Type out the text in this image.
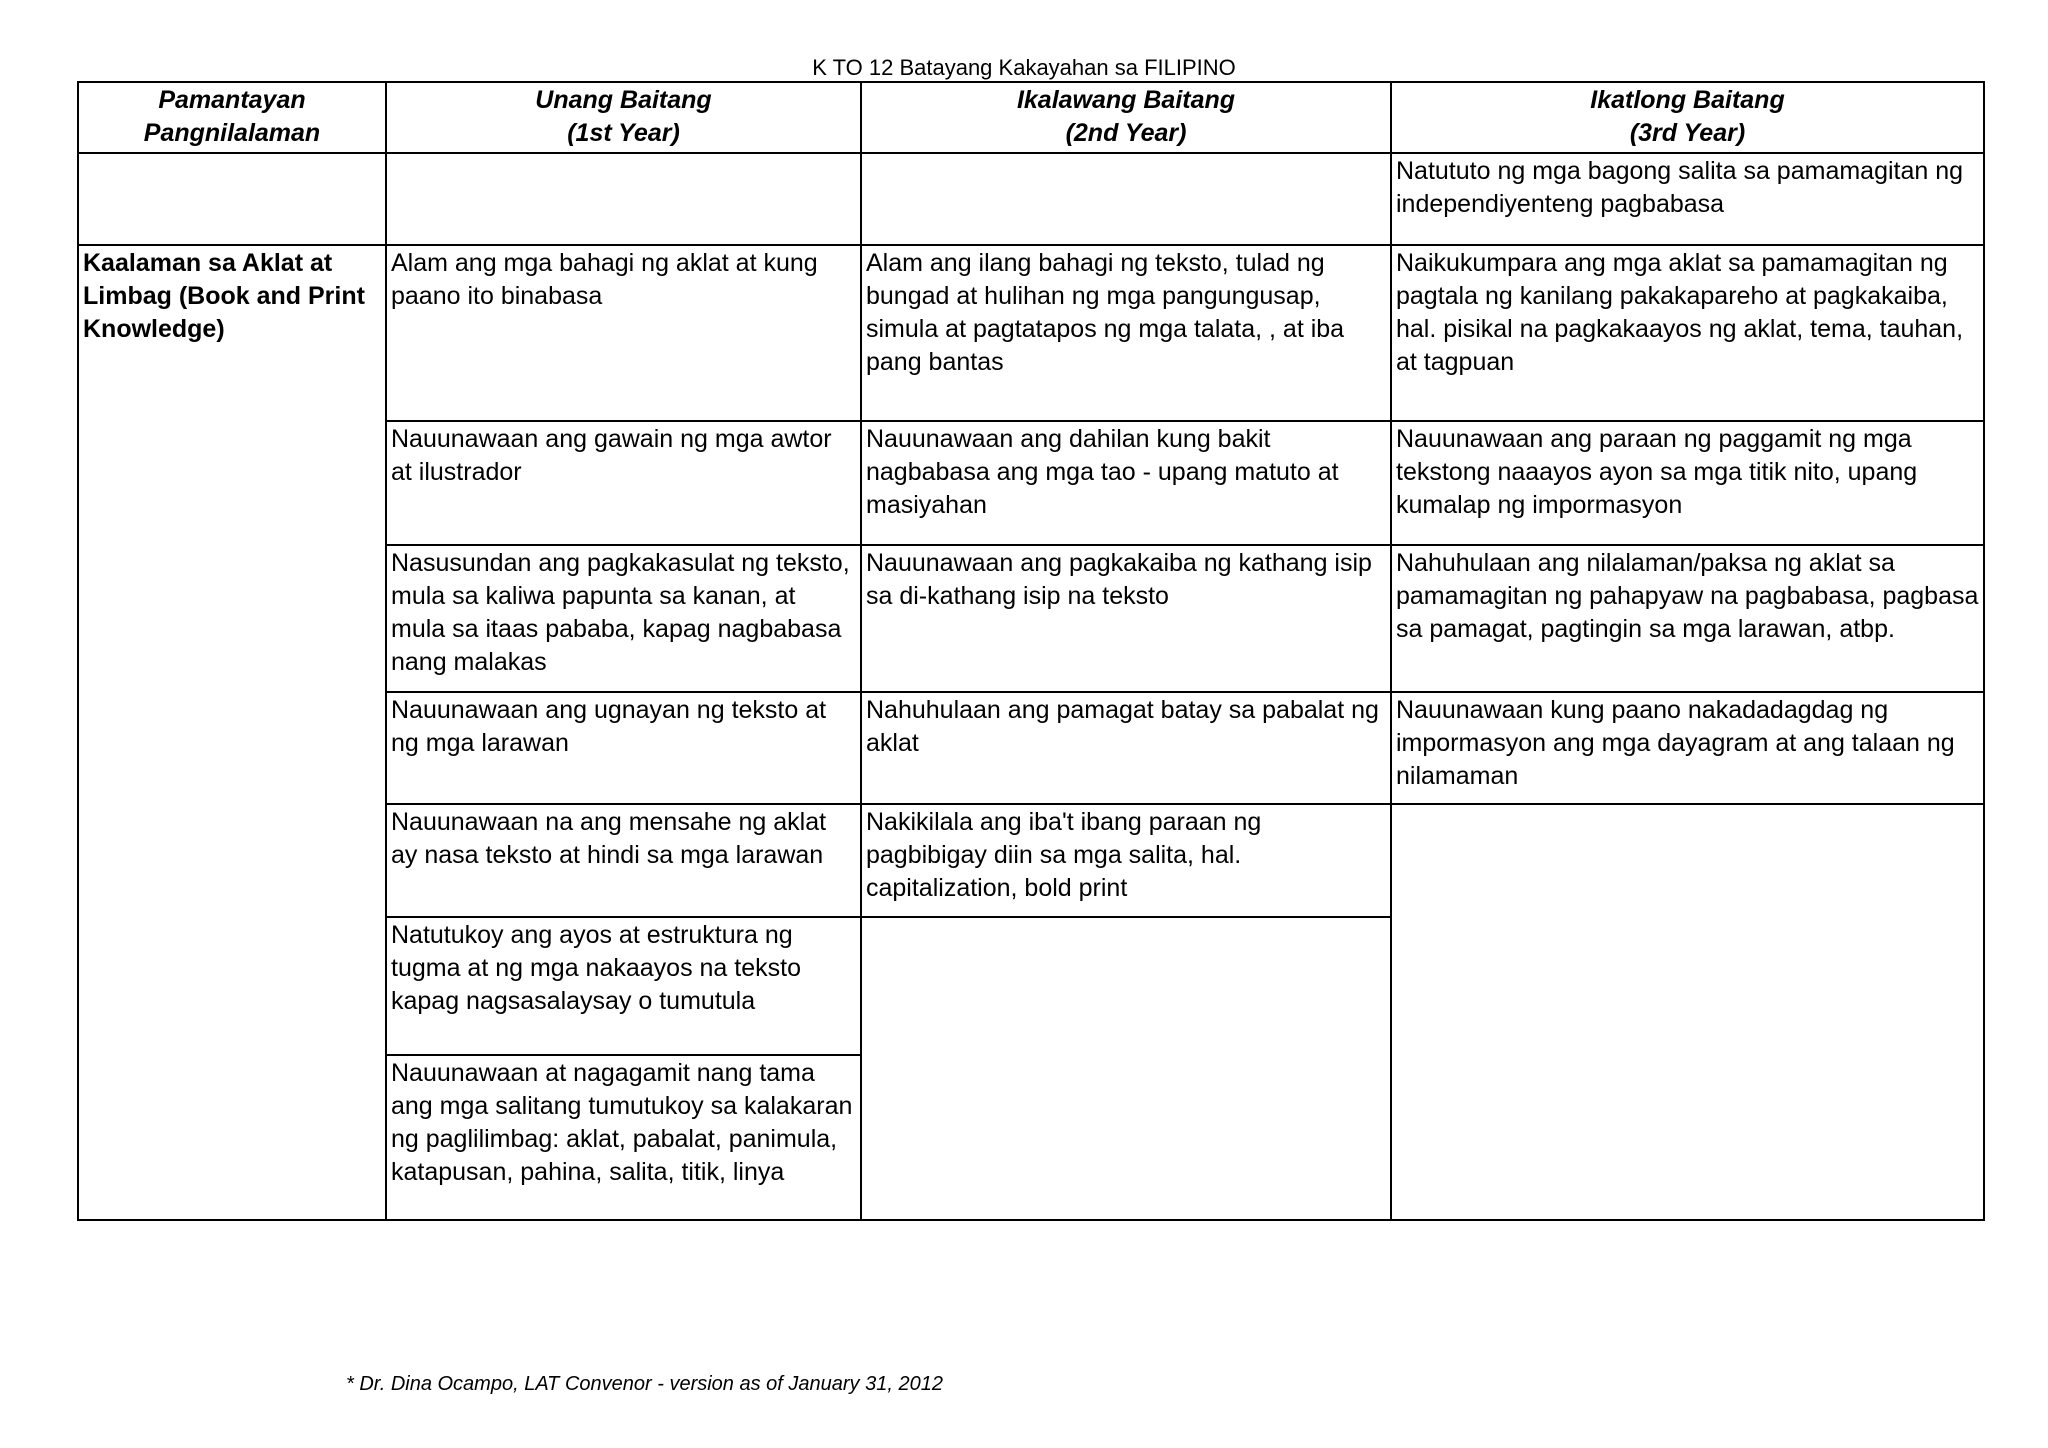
K TO 12 Batayang Kakayahan sa FILIPINO
Pamantayan
Pangnilalaman
Unang Baitang
(1st Year)
Ikalawang Baitang
(2nd Year)
Ikatlong Baitang
(3rd Year)
Kaalaman sa Aklat at Limbag (Book and Print Knowledge)
Alam ang mga bahagi ng aklat at kung paano ito binabasa
Nauunawaan ang gawain ng mga awtor at ilustrador
Nasusundan ang pagkakasulat ng teksto, mula sa kaliwa papunta sa kanan, at mula sa itaas pababa, kapag nagbabasa nang malakas
Nauunawaan ang ugnayan ng teksto at ng mga larawan
Nauunawaan na ang mensahe ng aklat ay nasa teksto at hindi sa mga larawan
Natutukoy ang ayos at estruktura ng tugma at ng mga nakaayos na teksto kapag nagsasalaysay o tumutula
Nauunawaan at nagagamit nang tama ang mga salitang tumutukoy sa kalakaran ng paglilimbag: aklat, pabalat, panimula, katapusan, pahina, salita, titik, linya
Alam ang ilang bahagi ng teksto, tulad ng bungad at hulihan ng mga pangungusap, simula at pagtatapos ng mga talata, , at iba pang bantas
Nauunawaan ang dahilan kung bakit nagbabasa ang mga tao - upang matuto at masiyahan
Nauunawaan ang pagkakaiba ng kathang isip sa di-kathang isip na teksto
Nahuhulaan ang pamagat batay sa pabalat ng aklat
Nakikilala ang iba't ibang paraan ng pagbibigay diin sa mga salita, hal. capitalization, bold print
Natututo ng mga bagong salita sa pamamagitan ng independiyenteng pagbabasa
Naikukumpara ang mga aklat sa pamamagitan ng pagtala ng kanilang pakakapareho at pagkakaiba, hal. pisikal na pagkakaayos ng aklat, tema, tauhan, at tagpuan
Nauunawaan ang paraan ng paggamit ng mga tekstong naaayos ayon sa mga titik nito, upang kumalap ng impormasyon
Nahuhulaan ang nilalaman/paksa ng aklat sa pamamagitan ng pahapyaw na pagbabasa, pagbasa sa pamagat, pagtingin sa mga larawan, atbp.
Nauunawaan kung paano nakadadagdag ng impormasyon ang mga dayagram at ang talaan ng nilamaman
* Dr. Dina Ocampo, LAT Convenor - version as of January 31, 2012
